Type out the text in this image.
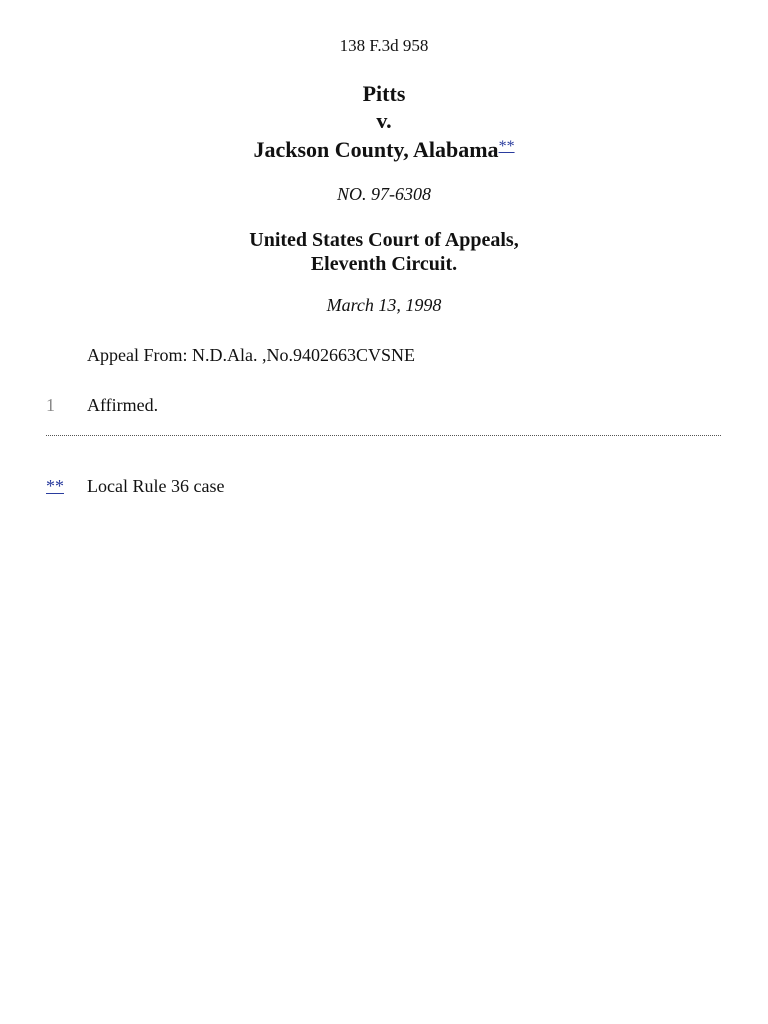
138 F.3d 958
Pitts
v.
Jackson County, Alabama**
NO. 97-6308
United States Court of Appeals,
Eleventh Circuit.
March 13, 1998
Appeal From: N.D.Ala. ,No.9402663CVSNE
1 Affirmed.
** Local Rule 36 case
